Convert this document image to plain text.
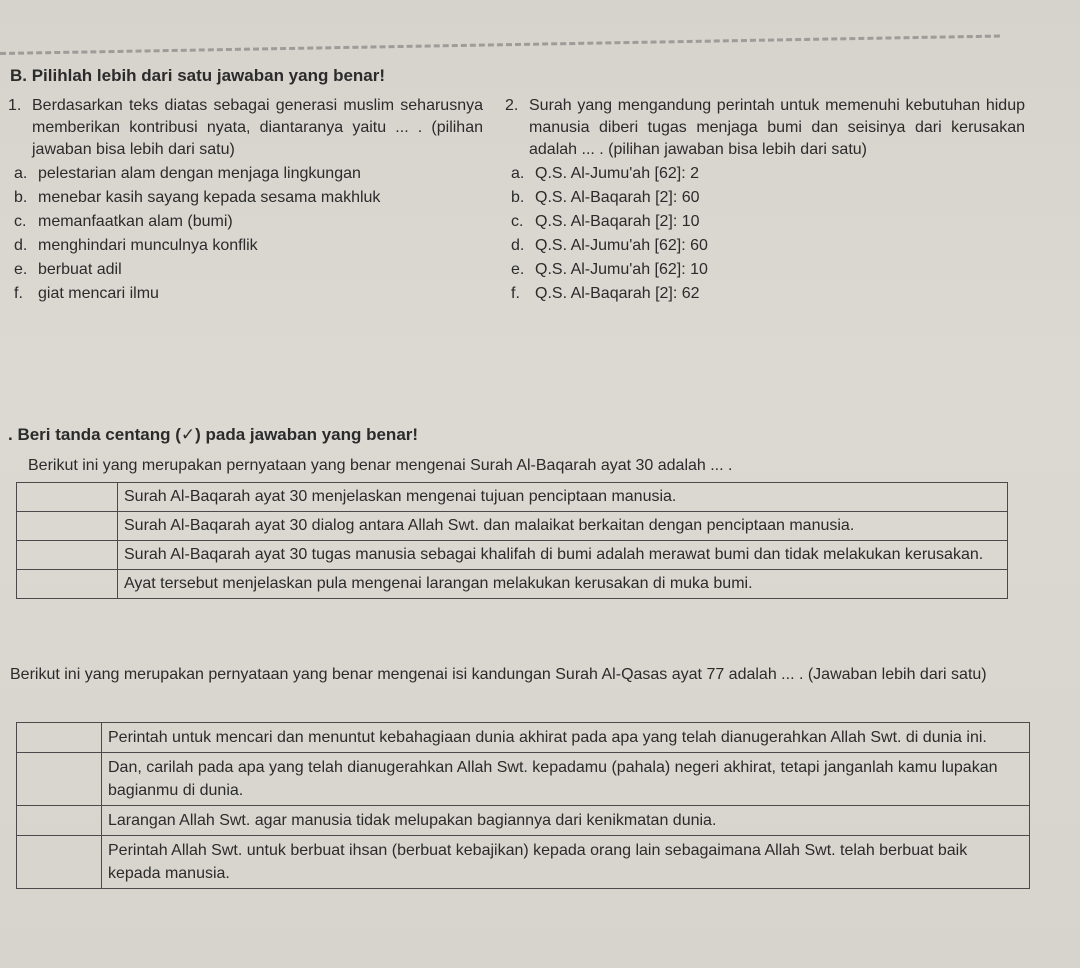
B. Pilihlah lebih dari satu jawaban yang benar!
1. Berdasarkan teks diatas sebagai generasi muslim seharusnya memberikan kontribusi nyata, diantaranya yaitu ... . (pilihan jawaban bisa lebih dari satu)
a. pelestarian alam dengan menjaga lingkungan
b. menebar kasih sayang kepada sesama makhluk
c. memanfaatkan alam (bumi)
d. menghindari munculnya konflik
e. berbuat adil
f. giat mencari ilmu
2. Surah yang mengandung perintah untuk memenuhi kebutuhan hidup manusia diberi tugas menjaga bumi dan seisinya dari kerusakan adalah ... . (pilihan jawaban bisa lebih dari satu)
a. Q.S. Al-Jumu'ah [62]: 2
b. Q.S. Al-Baqarah [2]: 60
c. Q.S. Al-Baqarah [2]: 10
d. Q.S. Al-Jumu'ah [62]: 60
e. Q.S. Al-Jumu'ah [62]: 10
f. Q.S. Al-Baqarah [2]: 62
. Beri tanda centang (✓) pada jawaban yang benar!
Berikut ini yang merupakan pernyataan yang benar mengenai Surah Al-Baqarah ayat 30 adalah ... .
	Surah Al-Baqarah ayat 30 menjelaskan mengenai tujuan penciptaan manusia.
	Surah Al-Baqarah ayat 30 dialog antara Allah Swt. dan malaikat berkaitan dengan penciptaan manusia.
	Surah Al-Baqarah ayat 30 tugas manusia sebagai khalifah di bumi adalah merawat bumi dan tidak melakukan kerusakan.
	Ayat tersebut menjelaskan pula mengenai larangan melakukan kerusakan di muka bumi.
Berikut ini yang merupakan pernyataan yang benar mengenai isi kandungan Surah Al-Qasas ayat 77 adalah ... . (Jawaban lebih dari satu)
	Perintah untuk mencari dan menuntut kebahagiaan dunia akhirat pada apa yang telah dianugerahkan Allah Swt. di dunia ini.
	Dan, carilah pada apa yang telah dianugerahkan Allah Swt. kepadamu (pahala) negeri akhirat, tetapi janganlah kamu lupakan bagianmu di dunia.
	Larangan Allah Swt. agar manusia tidak melupakan bagiannya dari kenikmatan dunia.
	Perintah Allah Swt. untuk berbuat ihsan (berbuat kebajikan) kepada orang lain sebagaimana Allah Swt. telah berbuat baik kepada manusia.
